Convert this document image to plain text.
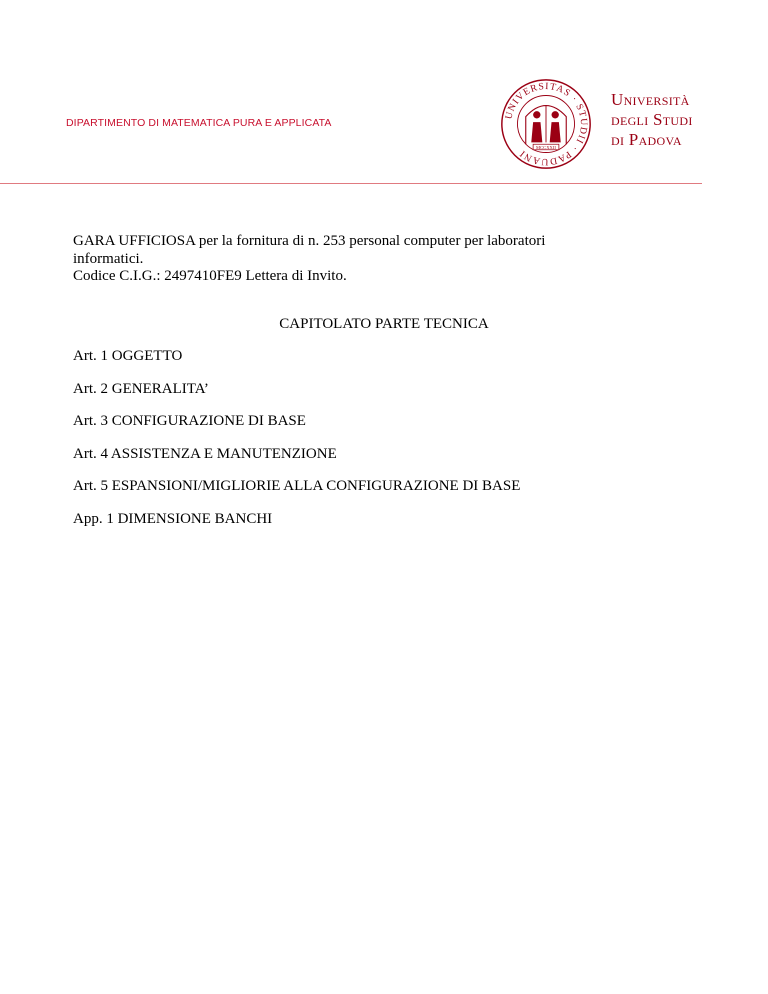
DIPARTIMENTO DI MATEMATICA PURA E APPLICATA
UNIVERSITAS · STUDII · PADUANI
MCCXXII
Università
degli Studi
di Padova
GARA UFFICIOSA per la fornitura di n. 253 personal computer per laboratori
informatici.
Codice C.I.G.: 2497410FE9 Lettera di Invito.
CAPITOLATO PARTE TECNICA
Art. 1 OGGETTO
Art. 2 GENERALITA’
Art. 3 CONFIGURAZIONE DI BASE
Art. 4 ASSISTENZA E MANUTENZIONE
Art. 5 ESPANSIONI/MIGLIORIE ALLA CONFIGURAZIONE DI BASE
App. 1 DIMENSIONE BANCHI
